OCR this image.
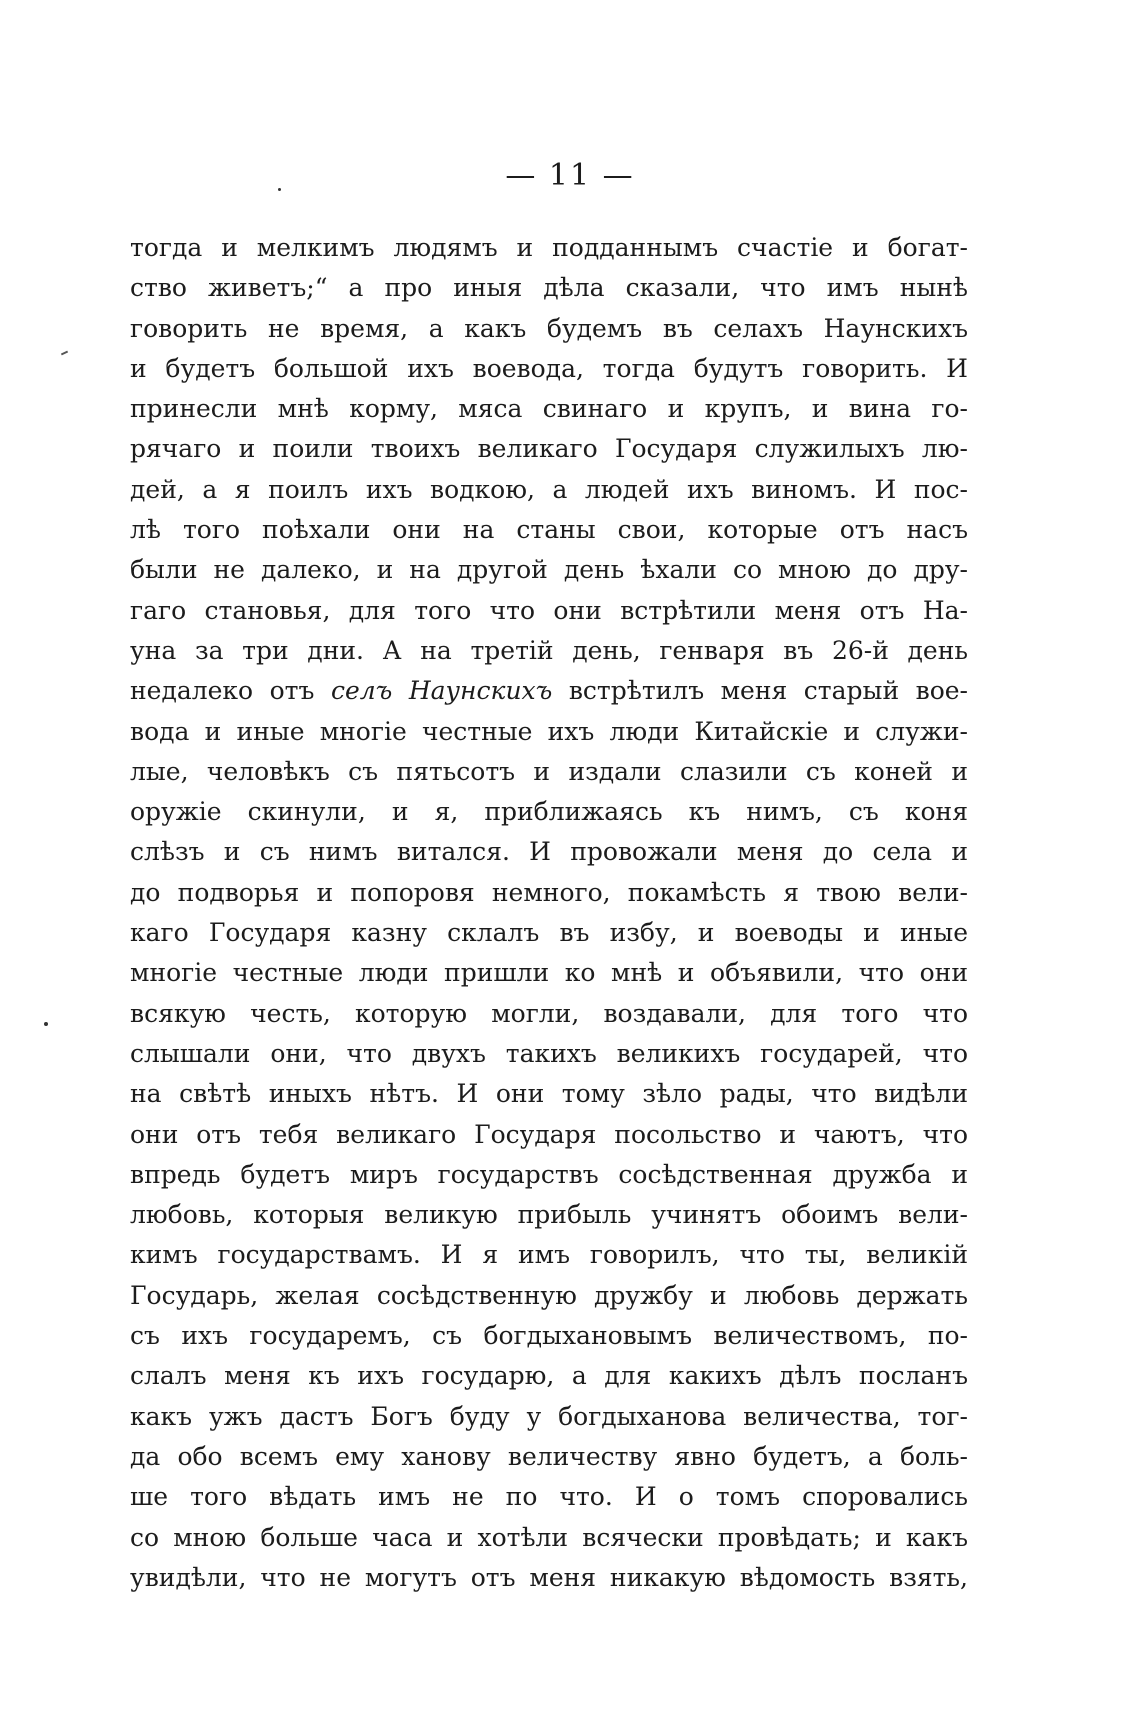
— 11 —
тогда и мелкимъ людямъ и подданнымъ счастіе и богат-
ство живетъ;“ а про иныя дѣла сказали, что имъ нынѣ
говорить не время, а какъ будемъ въ селахъ Наунскихъ
и будетъ большой ихъ воевода, тогда будутъ говорить. И
принесли мнѣ корму, мяса свинаго и крупъ, и вина го-
рячаго и поили твоихъ великаго Государя служилыхъ лю-
дей, а я поилъ ихъ водкою, а людей ихъ виномъ. И пос-
лѣ того поѣхали они на станы свои, которые отъ насъ
были не далеко, и на другой день ѣхали со мною до дру-
гаго становья, для того что они встрѣтили меня отъ На-
уна за три дни. А на третій день, генваря въ 26-й день
недалеко отъ селъ Наунскихъ встрѣтилъ меня старый вое-
вода и иные многіе честные ихъ люди Китайскіе и служи-
лые, человѣкъ съ пятьсотъ и издали слазили съ коней и
оружіе скинули, и я, приближаясь къ нимъ, съ коня
слѣзъ и съ нимъ витался. И провожали меня до села и
до подворья и попоровя немного, покамѣсть я твою вели-
каго Государя казну склалъ въ избу, и воеводы и иные
многіе честные люди пришли ко мнѣ и объявили, что они
всякую честь, которую могли, воздавали, для того что
слышали они, что двухъ такихъ великихъ государей, что
на свѣтѣ иныхъ нѣтъ. И они тому зѣло рады, что видѣли
они отъ тебя великаго Государя посольство и чаютъ, что
впредь будетъ миръ государствъ сосѣдственная дружба и
любовь, которыя великую прибыль учинятъ обоимъ вели-
кимъ государствамъ. И я имъ говорилъ, что ты, великій
Государь, желая сосѣдственную дружбу и любовь держать
съ ихъ государемъ, съ богдыхановымъ величествомъ, по-
слалъ меня къ ихъ государю, а для какихъ дѣлъ посланъ
какъ ужъ дастъ Богъ буду у богдыханова величества, тог-
да обо всемъ ему ханову величеству явно будетъ, а боль-
ше того вѣдать имъ не по что. И о томъ споровались
со мною больше часа и хотѣли всячески провѣдать; и какъ
увидѣли, что не могутъ отъ меня никакую вѣдомость взять,
